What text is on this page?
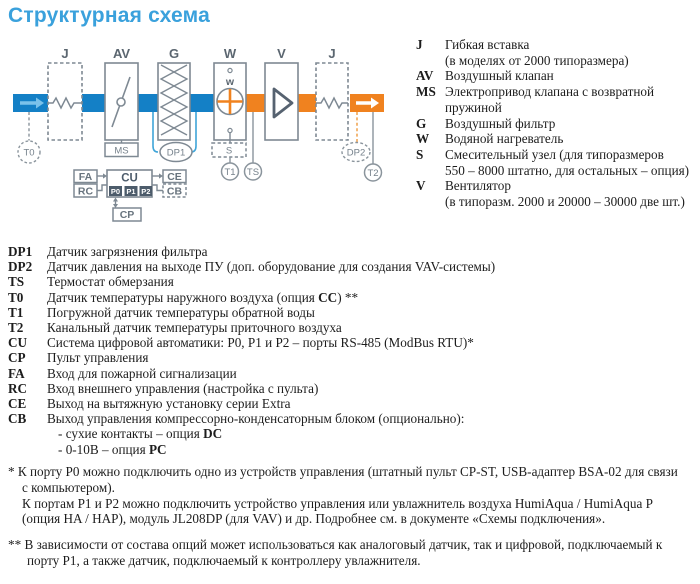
Структурная схема
J	AV	G	W	V	J
w
T0	MS	DP1	S
T1 TS
DP2
T2
FA
RC
CU
P0 P1 P2
CE
CB
CP
J	Гибкая вставка
(в моделях от 2000 типоразмера)
AV Воздушный клапан
MS Электропривод клапана с возвратной
пружиной
G	Воздушный фильтр
W	Водяной нагреватель
S	Смесительный узел (для типоразмеров
550 – 8000 штатно, для остальных – опция)
V	Вентилятор
(в типоразм. 2000 и 20000 – 30000 две шт.)
DP1	Датчик загрязнения фильтра
DP2	Датчик давления на выходе ПУ (доп. оборудование для создания VAV-системы)
TS	Термостат обмерзания
T0	Датчик температуры наружного воздуха (опция CC) **
T1	Погружной датчик температуры обратной воды
T2	Канальный датчик температуры приточного воздуха
CU	Система цифровой автоматики: P0, P1 и P2 – порты RS-485 (ModBus RTU)*
CP	Пульт управления
FA	Вход для пожарной сигнализации
RC	Вход внешнего управления (настройка с пульта)
CE	Выход на вытяжную установку серии Extra
CB	Выход управления компрессорно-конденсаторным блоком (опционально):
- сухие контакты – опция DC
- 0-10В – опция PC

* К порту P0 можно подключить одно из устройств управления (штатный пульт CP-ST, USB-адаптер BSA-02 для связи с компьютером).

К портам P1 и P2 можно подключить устройство управления или увлажнитель воздуха HumiAqua / HumiAqua P (опция HA / HAP), модуль JL208DP (для VAV) и др. Подробнее см. в документе «Схемы подключения».

** В зависимости от состава опций может использоваться как аналоговый датчик, так и цифровой, подключаемый к порту P1, а также датчик, подключаемый к контроллеру увлажнителя.
